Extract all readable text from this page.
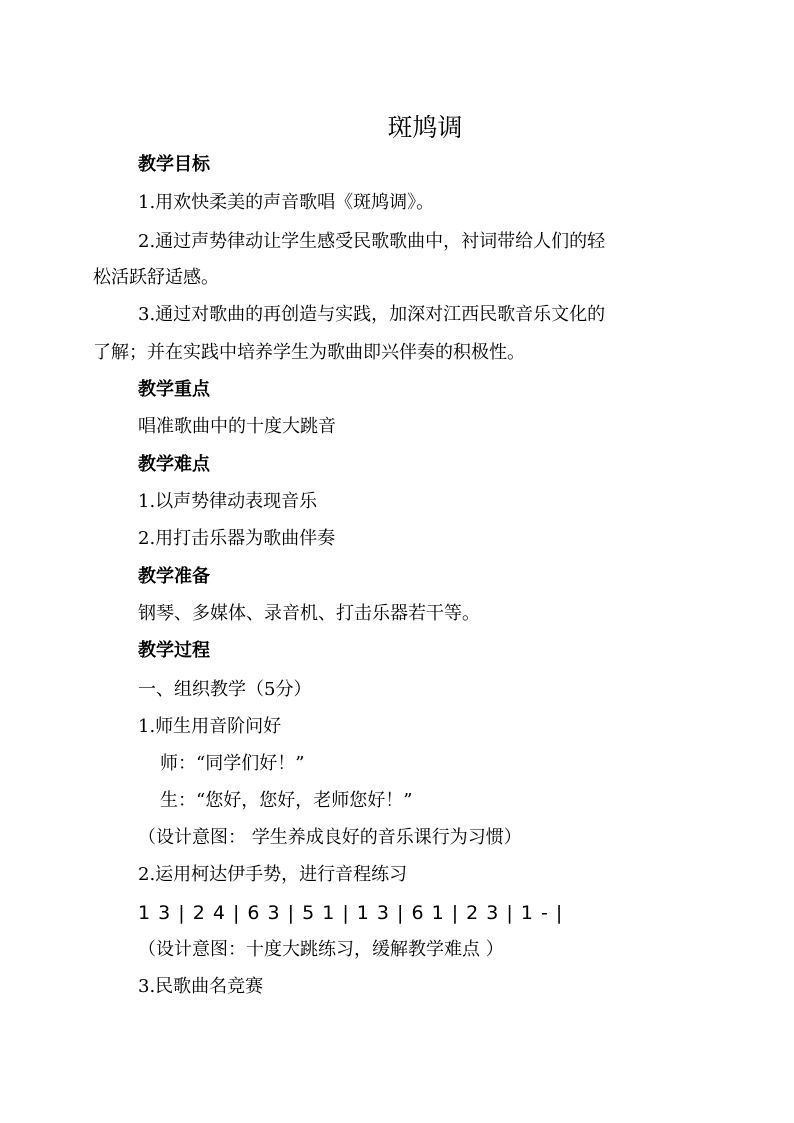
斑鸠调
教学目标
1.用欢快柔美的声音歌唱《斑鸠调》。
2.通过声势律动让学生感受民歌歌曲中，衬词带给人们的轻
松活跃舒适感。
3.通过对歌曲的再创造与实践，加深对江西民歌音乐文化的
了解；并在实践中培养学生为歌曲即兴伴奏的积极性。
教学重点
唱准歌曲中的十度大跳音
教学难点
1.以声势律动表现音乐
2.用打击乐器为歌曲伴奏
教学准备
钢琴、多媒体、录音机、打击乐器若干等。
教学过程
一、组织教学（5分）
1.师生用音阶问好
师：“同学们好！”
生：“您好，您好，老师您好！”
（设计意图： 学生养成良好的音乐课行为习惯）
2.运用柯达伊手势，进行音程练习
1 3 | 2 4 | 6 3 | 5 1 | 1 3 | 6 1 | 2 3 | 1 - |
（设计意图：十度大跳练习，缓解教学难点 ）
3.民歌曲名竞赛
